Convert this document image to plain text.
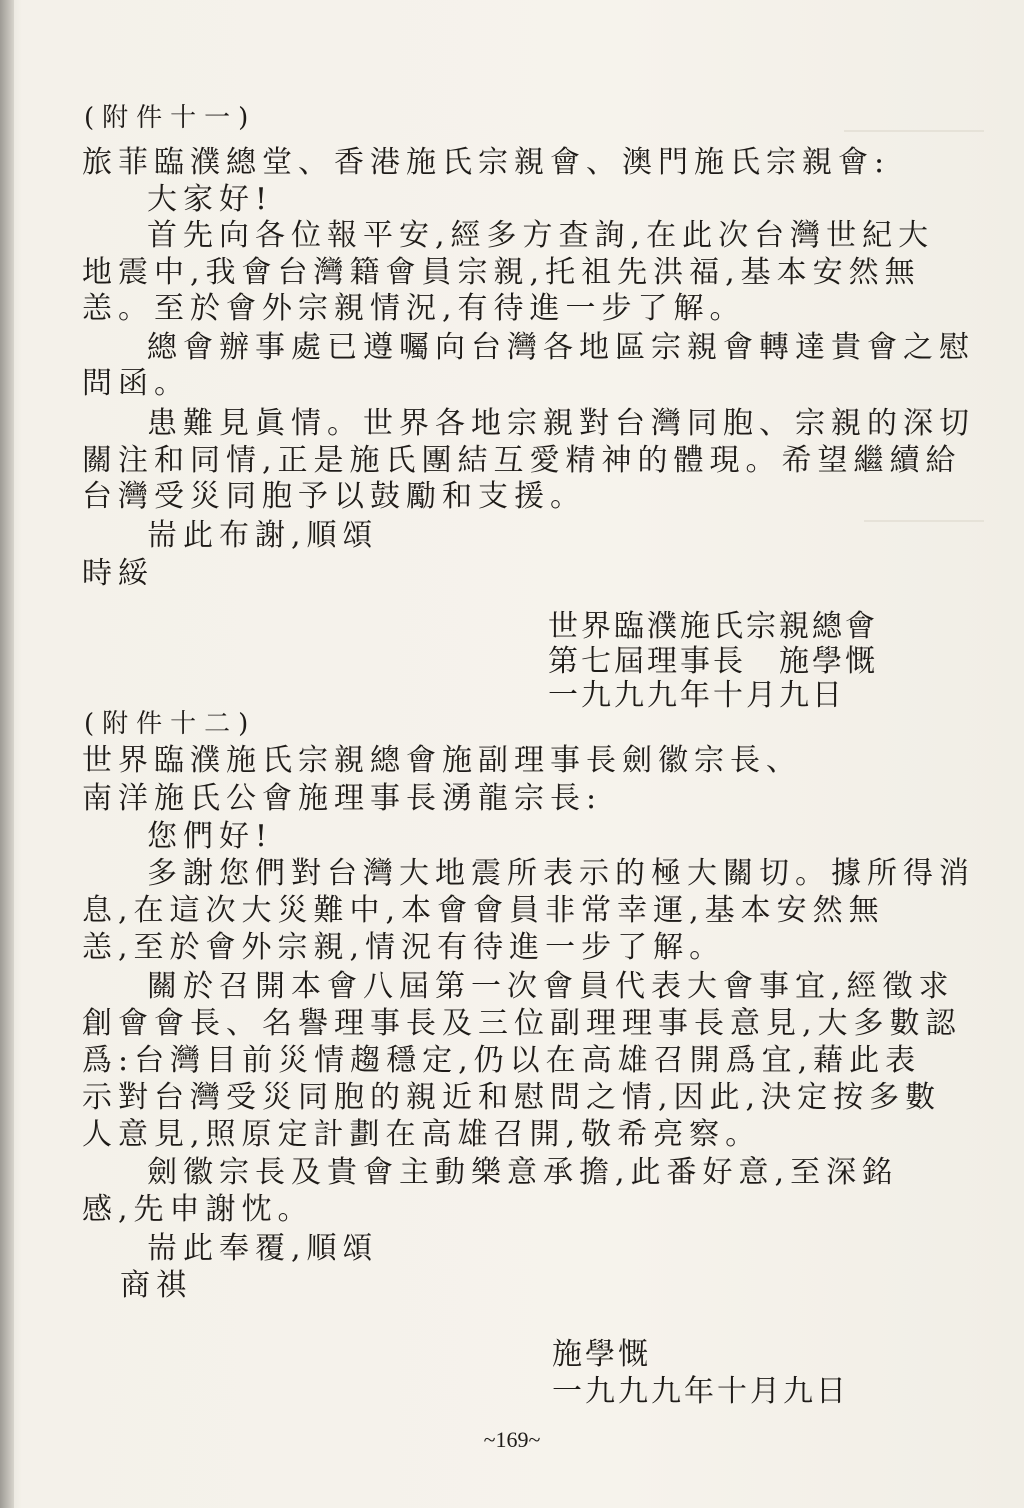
(附件十一)
旅菲臨濮總堂、香港施氏宗親會、澳門施氏宗親會:
大家好!
首先向各位報平安,經多方查詢,在此次台灣世紀大
地震中,我會台灣籍會員宗親,托祖先洪福,基本安然無
恙。至於會外宗親情況,有待進一步了解。
總會辦事處已遵囑向台灣各地區宗親會轉達貴會之慰
問函。
患難見眞情。世界各地宗親對台灣同胞、宗親的深切
關注和同情,正是施氏團結互愛精神的體現。希望繼續給
台灣受災同胞予以鼓勵和支援。
耑此布謝,順頌
時綏
世界臨濮施氏宗親總會
第七屆理事長　施學慨
一九九九年十月九日
(附件十二)
世界臨濮施氏宗親總會施副理事長劍徽宗長、
南洋施氏公會施理事長湧龍宗長:
您們好!
多謝您們對台灣大地震所表示的極大關切。據所得消
息,在這次大災難中,本會會員非常幸運,基本安然無
恙,至於會外宗親,情況有待進一步了解。
關於召開本會八屆第一次會員代表大會事宜,經徵求
創會會長、名譽理事長及三位副理理事長意見,大多數認
爲:台灣目前災情趨穩定,仍以在高雄召開爲宜,藉此表
示對台灣受災同胞的親近和慰問之情,因此,決定按多數
人意見,照原定計劃在高雄召開,敬希亮察。
劍徽宗長及貴會主動樂意承擔,此番好意,至深銘
感,先申謝忱。
耑此奉覆,順頌
商祺
施學慨
一九九九年十月九日
~169~
